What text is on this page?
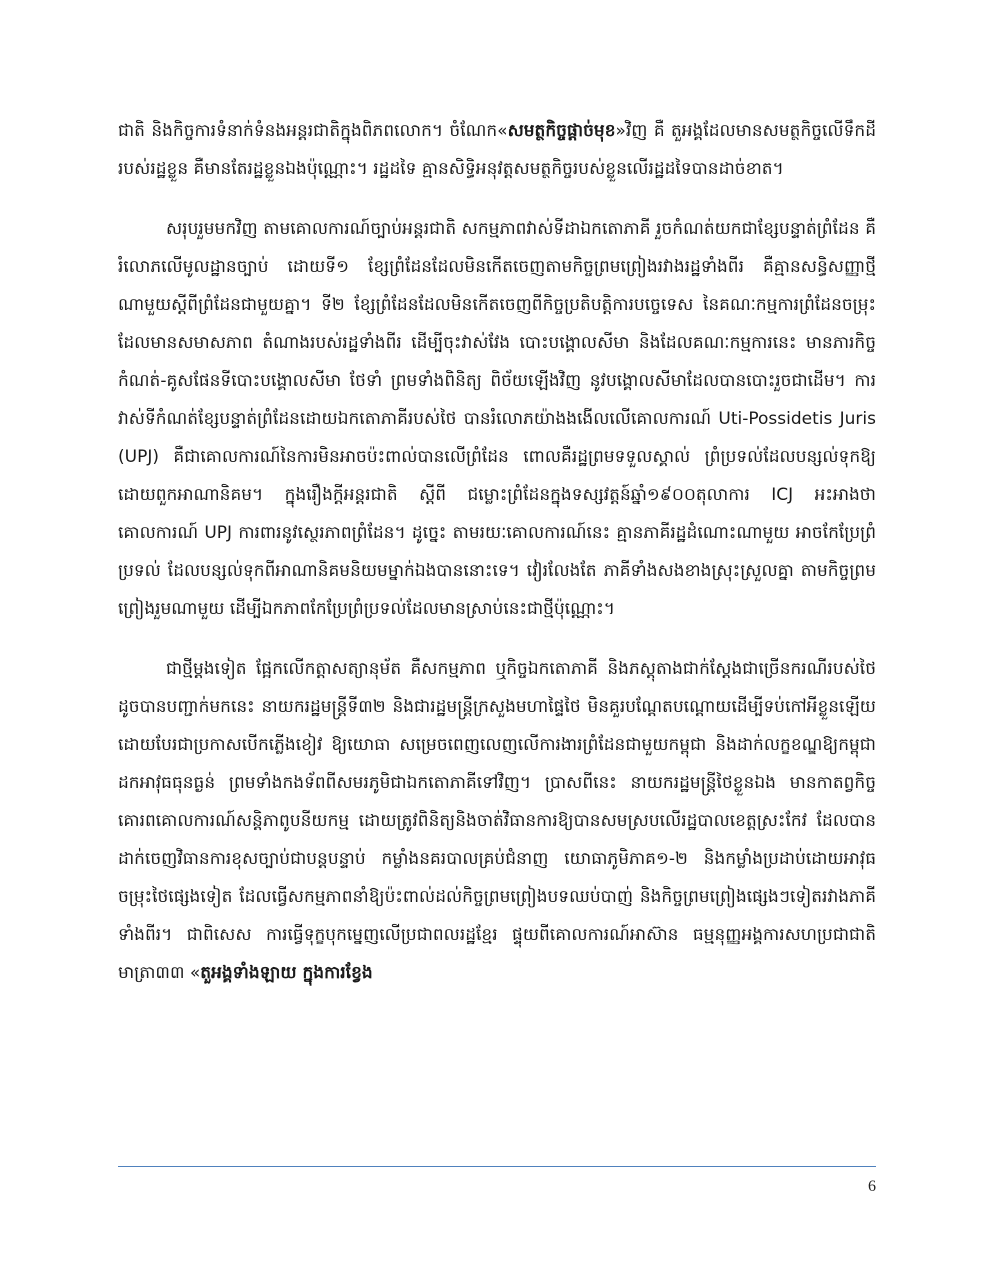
ជាតិ និងកិច្ចការទំនាក់ទំនងអន្តរជាតិក្នុងពិភពលោក។ ចំណែក«សមត្ថកិច្ចផ្តាច់មុខ»វិញ គឺ តួអង្គដែលមានសមត្ថកិច្ចលើទឹកដីរបស់រដ្ឋខ្លួន គឺមានតែរដ្ឋខ្លួនឯងប៉ុណ្ណោះ។ រដ្ឋដទៃ គ្មានសិទ្ធិអនុវត្តសមត្ថកិច្ចរបស់ខ្លួនលើរដ្ឋដទៃបានដាច់ខាត។

សរុបរួមមកវិញ តាមគោលការណ៍ច្បាប់អន្តរជាតិ សកម្មភាពវាស់ទីដាឯកតោភាគី រួចកំណត់យកជាខ្សែបន្ទាត់ព្រំដែន គឺរំលោភលើមូលដ្ឋានច្បាប់ ដោយទី១ ខ្សែព្រំដែនដែលមិនកើតចេញតាមកិច្ចព្រមព្រៀងរវាងរដ្ឋទាំងពីរ គឺគ្មានសន្ធិសញ្ញាថ្មីណាមួយស្តីពីព្រំដែនជាមួយគ្នា។ ទី២ ខ្សែព្រំដែនដែលមិនកើតចេញពីកិច្ចប្រតិបត្តិការបច្ចេទេស នៃគណៈកម្មការព្រំដែនចម្រុះ ដែលមានសមាសភាព តំណាងរបស់រដ្ឋទាំងពីរ ដើម្បីចុះវាស់វែង បោះបង្គោលសីមា និងដែលគណៈកម្មការនេះ មានភារកិច្ច កំណត់-គូសផែនទីបោះបង្គោលសីមា ថែទាំ ព្រមទាំងពិនិត្យ ពិច័យឡើងវិញ នូវបង្គោលសីមាដែលបានបោះរួចជាដើម។ ការវាស់ទីកំណត់ខ្សែបន្ទាត់ព្រំដែនដោយឯកតោភាគីរបស់ថៃ បានរំលោភយ៉ាងងងើលលើគោលការណ៍ Uti-Possidetis Juris (UPJ) គឺជាគោលការណ៍នៃការមិនអាចប៉ះពាល់បានលើព្រំដែន ពោលគឺរដ្ឋព្រមទទួលស្គាល់ ព្រំប្រទល់ដែលបន្សល់ទុកឱ្យដោយពួកអាណានិគម។ ក្នុងរឿងក្តីអន្តរជាតិ ស្តីពី ជម្លោះព្រំដែនក្នុងទស្សវត្តន៍ឆ្នាំ១៩០០តុលាការ ICJ អះអាងថា គោលការណ៍ UPJ ការពារនូវស្ថេរភាពព្រំដែន។ ដូច្នេះ តាមរយៈគោលការណ៍នេះ គ្មានភាគីរដ្ឋដំណោះណាមួយ អាចកែប្រែព្រំប្រទល់ ដែលបន្សល់ទុកពីអាណានិគមនិយមម្នាក់ឯងបាននោះទេ។ វៀរលែងតែ ភាគីទាំងសងខាងស្រុះស្រួលគ្នា តាមកិច្ចព្រមព្រៀងរួមណាមួយ ដើម្បីឯកភាពកែប្រែព្រំប្រទល់ដែលមានស្រាប់នេះជាថ្មីប៉ុណ្ណោះ។

ជាថ្មីម្តងទៀត ផ្អែកលើកត្តាសត្យានុម័ត គឺសកម្មភាព ឬកិច្ចឯកតោភាគី និងភស្តុតាងជាក់ស្តែងជាច្រើនករណីរបស់ថៃ ដូចបានបញ្ជាក់មកនេះ នាយករដ្ឋមន្ត្រីទី៣២ និងជារដ្ឋមន្ត្រីក្រសួងមហាផ្ទៃថៃ មិនគួរបណ្តែតបណ្តោយដើម្បីទប់កៅអីខ្លួនឡើយ ដោយបែរជាប្រកាសបើកភ្លើងខៀវ ឱ្យយោធា សម្រេចពេញលេញលើការងារព្រំដែនជាមួយកម្ពុជា និងដាក់លក្ខខណ្ឌឱ្យកម្ពុជាដកអាវុធធុនធ្ងន់ ព្រមទាំងកងទ័ពពីសមរភូមិជាឯកតោភាគីទៅវិញ។ ប្រាសពីនេះ នាយករដ្ឋមន្ត្រីថៃខ្លួនឯង មានកាតព្វកិច្ចគោរពគោលការណ៍សន្តិភាពូបនីយកម្ម ដោយត្រូវពិនិត្យនិងចាត់វិធានការឱ្យបានសមស្របលើរដ្ឋបាលខេត្តស្រះកែវ ដែលបានដាក់ចេញវិធានការខុសច្បាប់ជាបន្តបន្ទាប់ កម្លាំងនគរបាលគ្រប់ជំនាញ យោធាភូមិភាគ១-២ និងកម្លាំងប្រដាប់ដោយអាវុធចម្រុះថៃផ្សេងទៀត ដែលធ្វើសកម្មភាពនាំឱ្យប៉ះពាល់ដល់កិច្ចព្រមព្រៀងបទឈប់បាញ់ និងកិច្ចព្រមព្រៀងផ្សេងៗទៀតរវាងភាគីទាំងពីរ។ ជាពិសេស ការធ្វើទុក្ខបុកម្នេញលើប្រជាពលរដ្ឋខ្មែរ ផ្ទុយពីគោលការណ៍អាស៊ាន ធម្មនុញ្ញអង្គការសហប្រជាជាតិមាត្រា៣៣ «តួអង្គទាំងឡាយ ក្នុងការខ្វែង

6
